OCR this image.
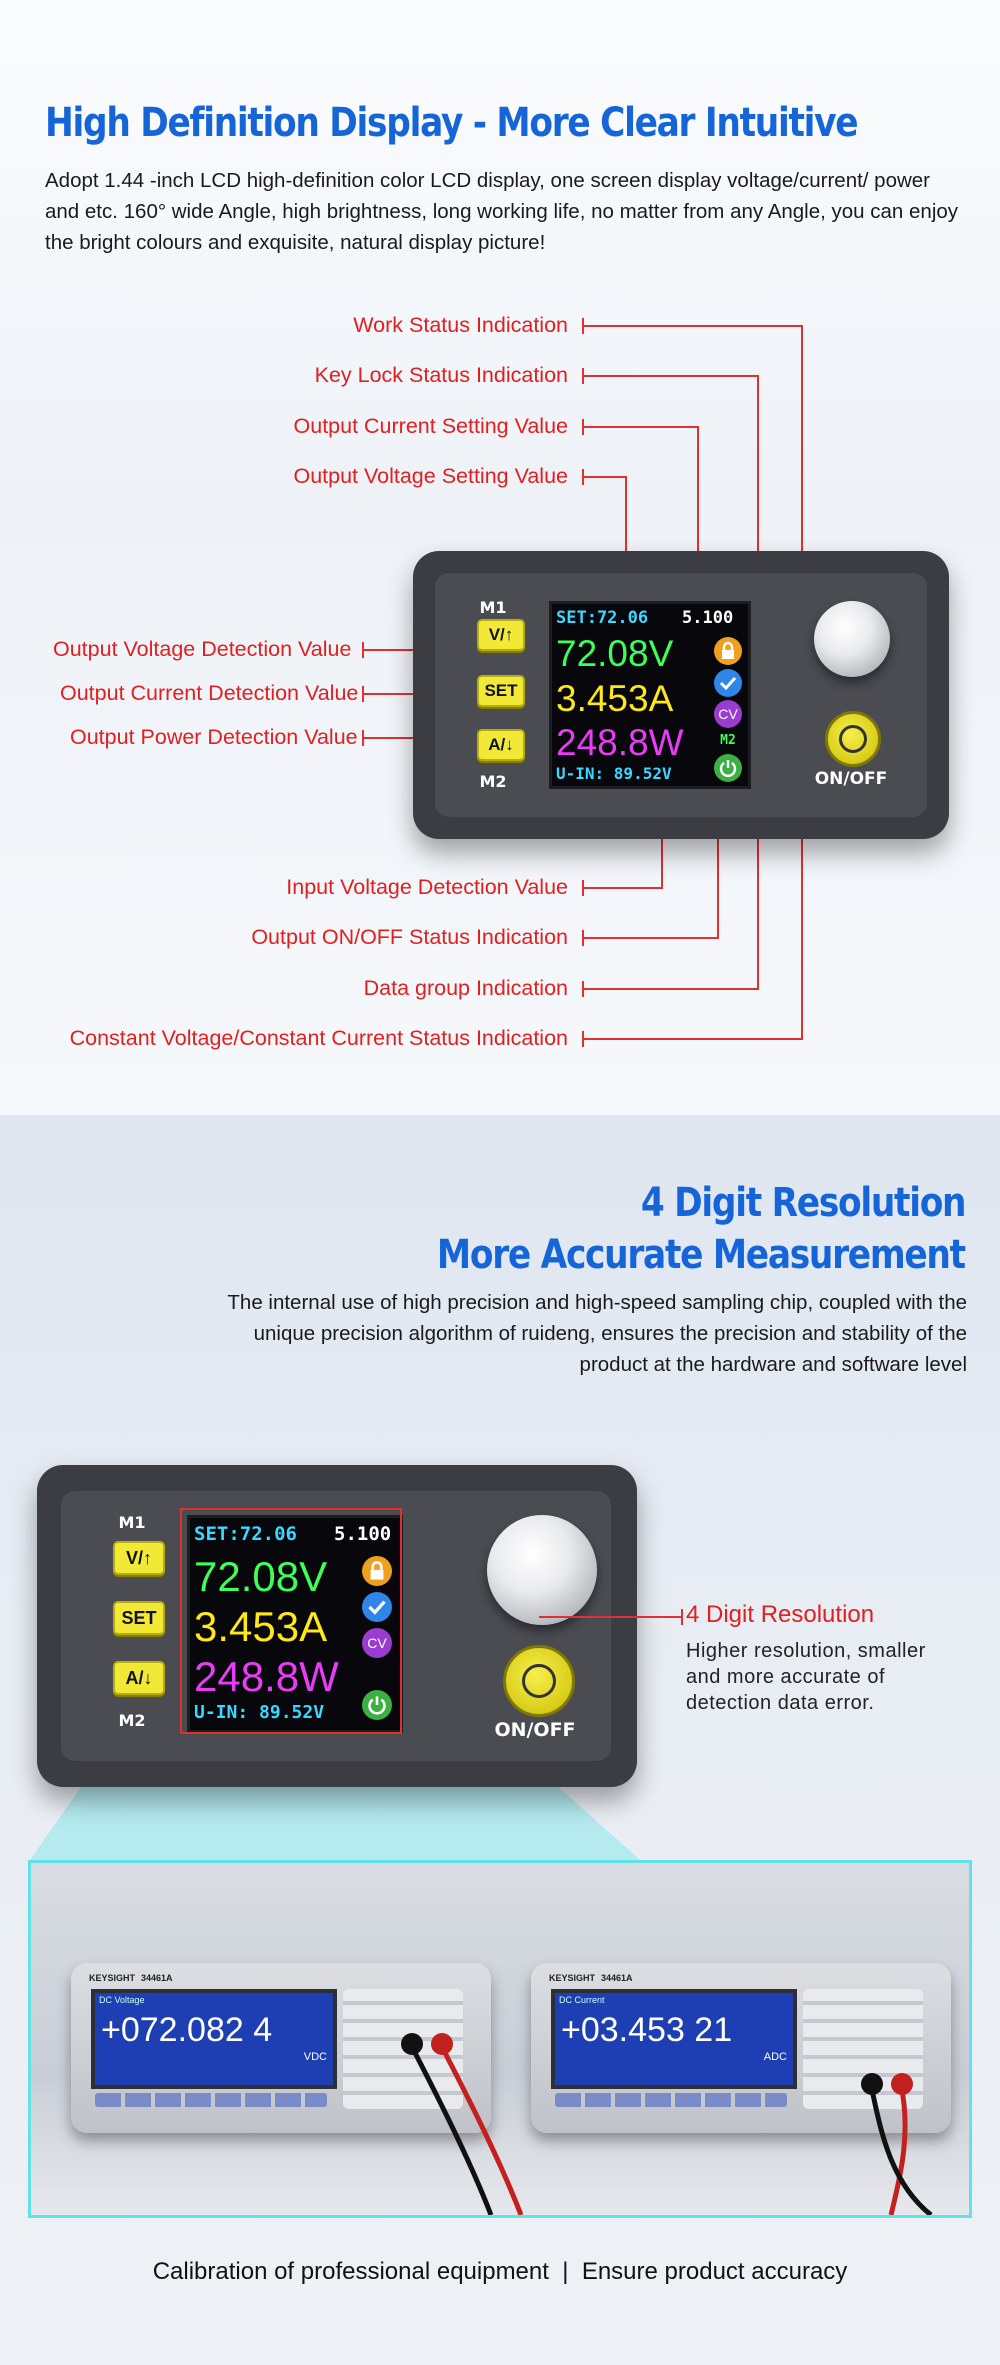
High Definition Display - More Clear Intuitive
Adopt 1.44 -inch LCD high-definition color LCD display, one screen display voltage/current/ power and etc. 160° wide Angle, high brightness, long working life, no matter from any Angle, you can enjoy the bright colours and exquisite, natural display picture!
Work Status Indication
Key Lock Status Indication
Output Current Setting Value
Output Voltage Setting Value
Output Voltage Detection Value
Output Current Detection Value
Output Power Detection Value
Input Voltage Detection Value
Output ON/OFF Status Indication
Data group Indication
Constant Voltage/Constant Current Status Indication
M1
V/↑
SET
A/↓
M2
SET:72.06 5.100
72.08V
3.453A
248.8W
U-IN: 89.52V
CV
M2
ON/OFF
4 Digit Resolution
More Accurate Measurement
The internal use of high precision and high-speed sampling chip, coupled with the unique precision algorithm of ruideng, ensures the precision and stability of the product at the hardware and software level
M1
V/↑
SET
A/↓
M2
SET:72.06 5.100
72.08V
3.453A
248.8W
U-IN: 89.52V
CV
ON/OFF
4 Digit Resolution
Higher resolution, smaller and more accurate of detection data error.
KEYSIGHT 34461A
DC Voltage
+072.082 4
VDC
KEYSIGHT 34461A
DC Current
+03.453 21
ADC
Calibration of professional equipment  |  Ensure product accuracy
